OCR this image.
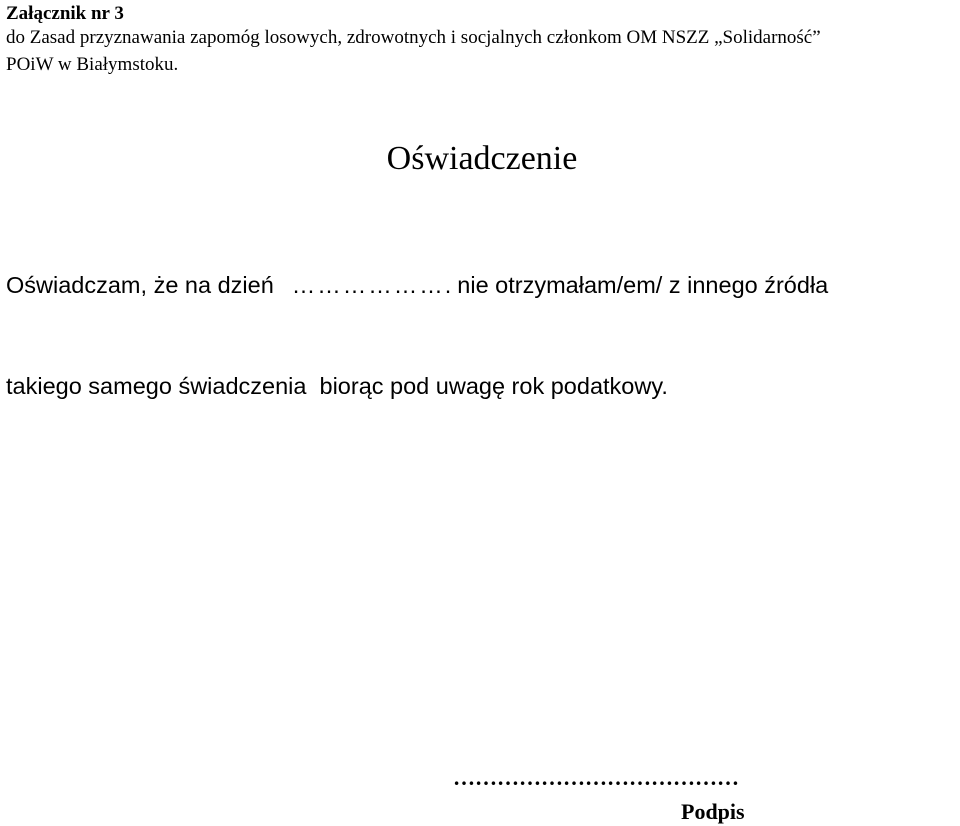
Załącznik nr 3
do Zasad przyznawania zapomóg losowych, zdrowotnych i socjalnych członkom OM NSZZ „Solidarność”
POiW w Białymstoku.
Oświadczenie
Oświadczam, że na dzień ………………. nie otrzymałam/em/ z innego źródła
takiego samego świadczenia  biorąc pod uwagę rok podatkowy.
…………………………………
Podpis
